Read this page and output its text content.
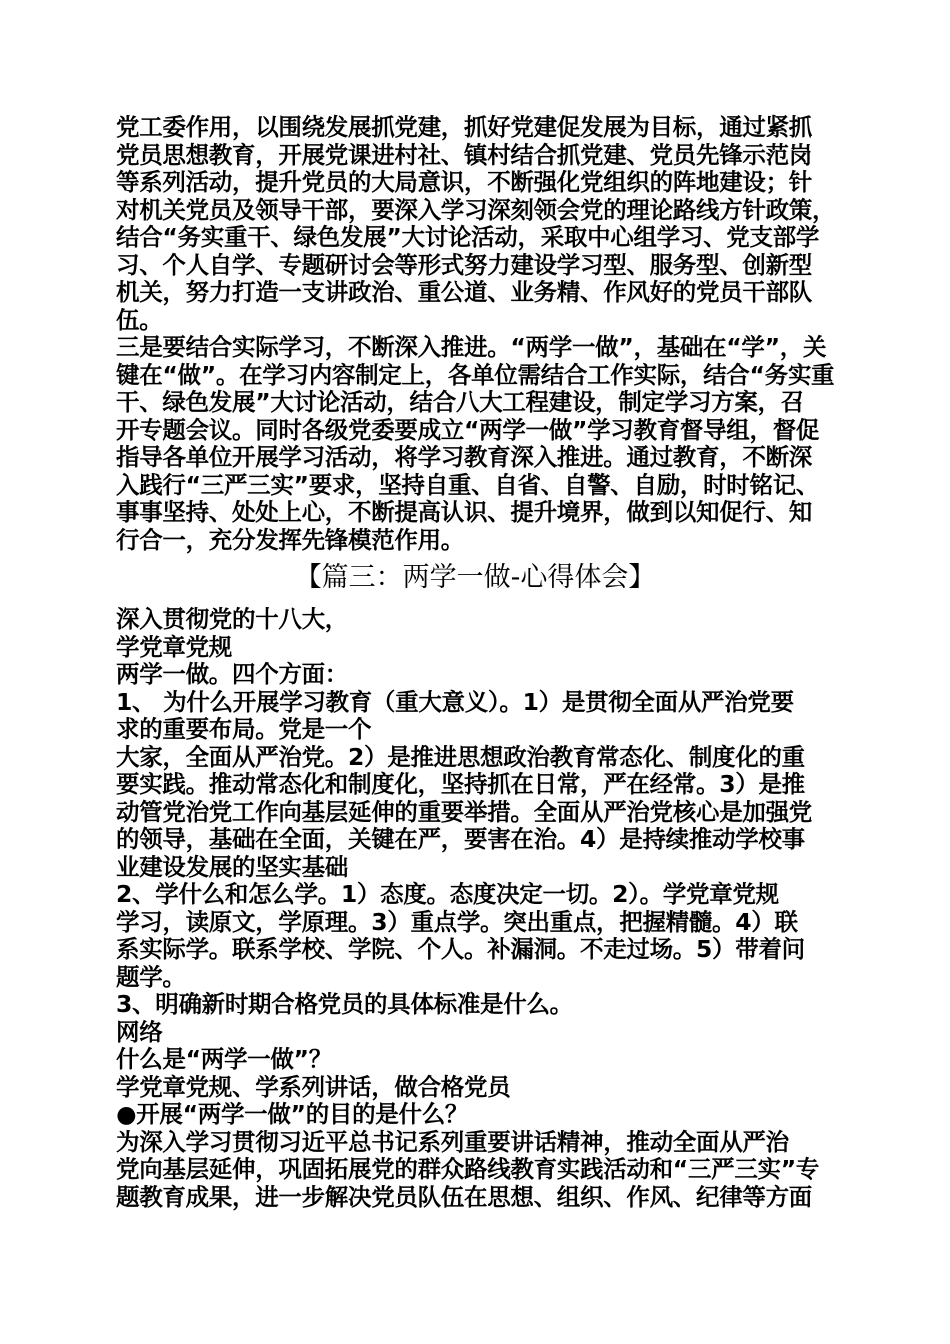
党工委作用，以围绕发展抓党建，抓好党建促发展为目标，通过紧抓

党员思想教育，开展党课进村社、镇村结合抓党建、党员先锋示范岗

等系列活动，提升党员的大局意识，不断强化党组织的阵地建设；针

对机关党员及领导干部，要深入学习深刻领会党的理论路线方针政策，

结合“务实重干、绿色发展”大讨论活动，采取中心组学习、党支部学

习、个人自学、专题研讨会等形式努力建设学习型、服务型、创新型

机关，努力打造一支讲政治、重公道、业务精、作风好的党员干部队

伍。

三是要结合实际学习，不断深入推进。“两学一做”，基础在“学”，关

键在“做”。在学习内容制定上，各单位需结合工作实际，结合“务实重

干、绿色发展”大讨论活动，结合八大工程建设，制定学习方案，召

开专题会议。同时各级党委要成立“两学一做”学习教育督导组，督促

指导各单位开展学习活动，将学习教育深入推进。通过教育，不断深

入践行“三严三实”要求，坚持自重、自省、自警、自励，时时铭记、

事事坚持、处处上心，不断提高认识、提升境界，做到以知促行、知

行合一，充分发挥先锋模范作用。

【篇三：两学一做-心得体会】

深入贯彻党的十八大，

学党章党规

两学一做。四个方面：

1、 为什么开展学习教育（重大意义）。1）是贯彻全面从严治党要

求的重要布局。党是一个

大家，全面从严治党。2）是推进思想政治教育常态化、制度化的重

要实践。推动常态化和制度化，坚持抓在日常，严在经常。3）是推

动管党治党工作向基层延伸的重要举措。全面从严治党核心是加强党

的领导，基础在全面，关键在严，要害在治。4）是持续推动学校事

业建设发展的坚实基础

2、学什么和怎么学。1）态度。态度决定一切。2）。学党章党规

学习，读原文，学原理。3）重点学。突出重点，把握精髓。4）联

系实际学。联系学校、学院、个人。补漏洞。不走过场。5）带着问

题学。

3、明确新时期合格党员的具体标准是什么。

网络

什么是“两学一做”？

学党章党规、学系列讲话，做合格党员

●开展“两学一做”的目的是什么？

为深入学习贯彻习近平总书记系列重要讲话精神，推动全面从严治

党向基层延伸，巩固拓展党的群众路线教育实践活动和“三严三实”专

题教育成果，进一步解决党员队伍在思想、组织、作风、纪律等方面
